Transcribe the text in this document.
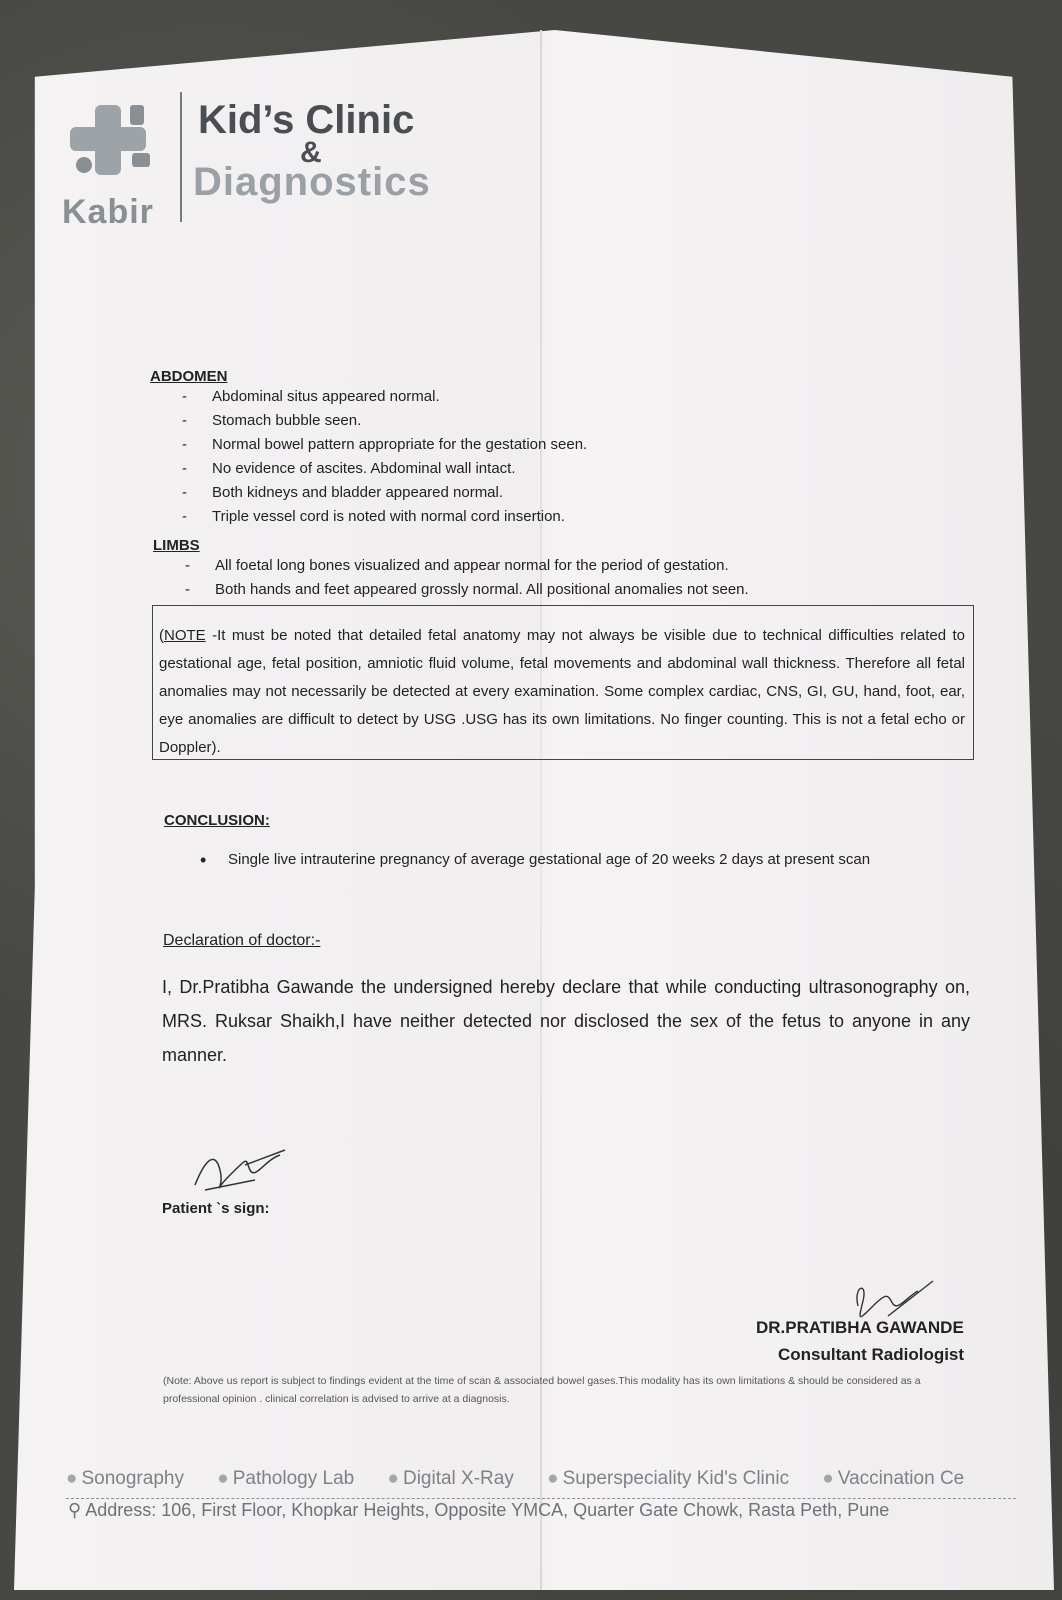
Kabir
Kid’s Clinic
&
Diagnostics

ABDOMEN

- Abdominal situs appeared normal.
- Stomach bubble seen.
- Normal bowel pattern appropriate for the gestation seen.
- No evidence of ascites. Abdominal wall intact.
- Both kidneys and bladder appeared normal.
- Triple vessel cord is noted with normal cord insertion.

LIMBS

- All foetal long bones visualized and appear normal for the period of gestation.
- Both hands and feet appeared grossly normal. All positional anomalies not seen.
(NOTE -It must be noted that detailed fetal anatomy may not always be visible due to technical difficulties related to gestational age, fetal position, amniotic fluid volume, fetal movements and abdominal wall thickness. Therefore all fetal anomalies may not necessarily be detected at every examination. Some complex cardiac, CNS, GI, GU, hand, foot, ear, eye anomalies are difficult to detect by USG .USG has its own limitations. No finger counting. This is not a fetal echo or Doppler).
CONCLUSION:
• Single live intrauterine pregnancy of average gestational age of 20 weeks 2 days at present scan
Declaration of doctor:-
I, Dr.Pratibha Gawande the undersigned hereby declare that while conducting ultrasonography on, MRS. Ruksar Shaikh,I have neither detected nor disclosed the sex of the fetus to anyone in any manner.
Patient `s sign:
DR.PRATIBHA GAWANDE
Consultant Radiologist
(Note: Above us report is subject to findings evident at the time of scan & associated bowel gases.This modality has its own limitations & should be considered as a professional opinion . clinical correlation is advised to arrive at a diagnosis.
● Sonography ● Pathology Lab ● Digital X-Ray ● Superspeciality Kid's Clinic ● Vaccination Ce
⚲ Address: 106, First Floor, Khopkar Heights, Opposite YMCA, Quarter Gate Chowk, Rasta Peth, Pune
